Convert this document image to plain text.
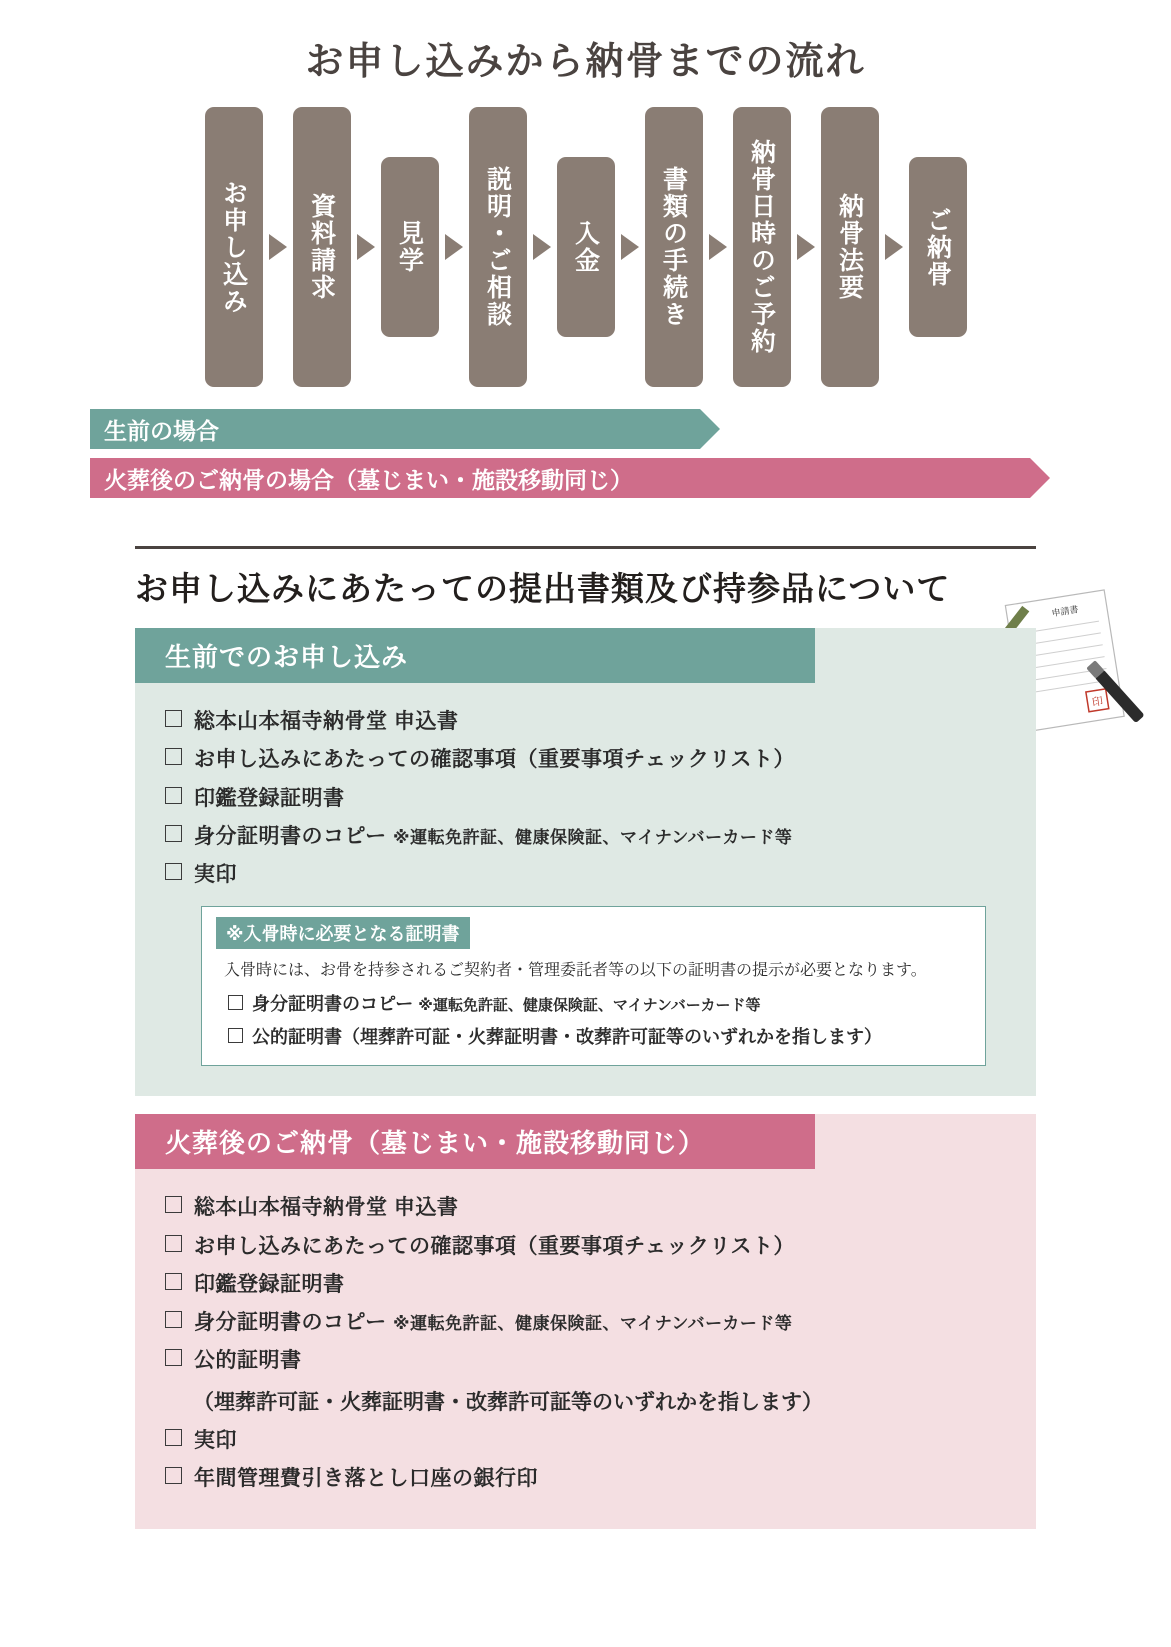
お申し込みから納骨までの流れ
お申し込み	資料請求	見学	説明・ご相談	入金	書類の手続き	納骨日時のご予約	納骨法要	ご納骨
生前の場合
火葬後のご納骨の場合（墓じまい・施設移動同じ）
お申し込みにあたっての提出書類及び持参品について
申請書
印
生前でのお申し込み
総本山本福寺納骨堂 申込書
お申し込みにあたっての確認事項（重要事項チェックリスト）
印鑑登録証明書
身分証明書のコピー ※運転免許証、健康保険証、マイナンバーカード等
実印
※入骨時に必要となる証明書
入骨時には、お骨を持参されるご契約者・管理委託者等の以下の証明書の提示が必要となります。
身分証明書のコピー ※運転免許証、健康保険証、マイナンバーカード等
公的証明書（埋葬許可証・火葬証明書・改葬許可証等のいずれかを指します）
火葬後のご納骨（墓じまい・施設移動同じ）
総本山本福寺納骨堂 申込書
お申し込みにあたっての確認事項（重要事項チェックリスト）
印鑑登録証明書
身分証明書のコピー ※運転免許証、健康保険証、マイナンバーカード等
公的証明書
（埋葬許可証・火葬証明書・改葬許可証等のいずれかを指します）
実印
年間管理費引き落とし口座の銀行印
